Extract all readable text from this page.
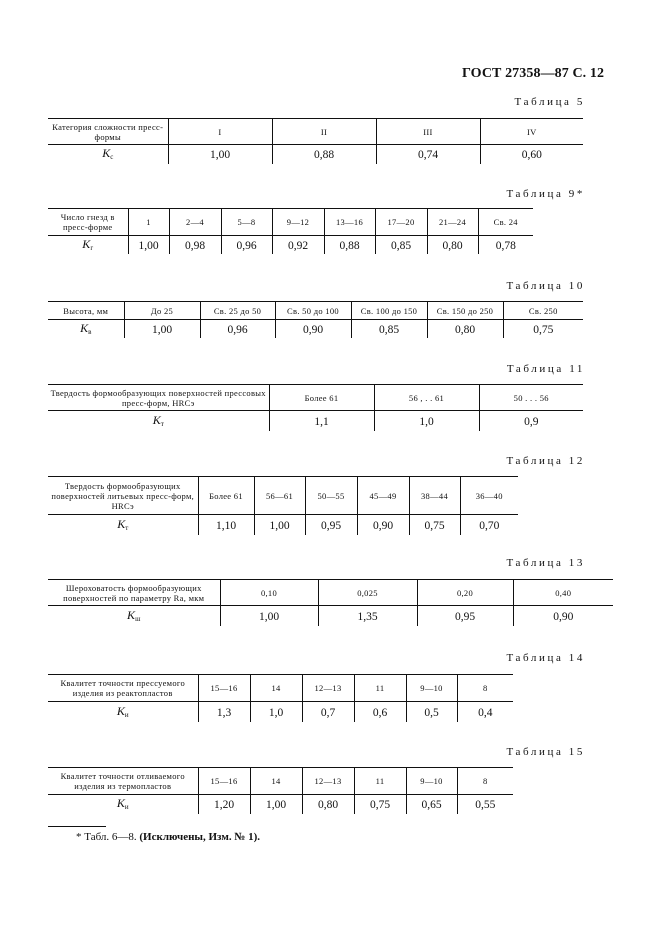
ГОСТ 27358—87 С. 12
Таблица 5
Категория сложности пресс-формы	I	II	III	IV
$K_c$	1,00	0,88	0,74	0,60
Таблица 9*
Число гнезд в пресс-форме	1	2—4	5—8	9—12	13—16	17—20	21—24	Св. 24
$K_г$	1,00	0,98	0,96	0,92	0,88	0,85	0,80	0,78
Таблица 10
Высота, мм	До 25	Св. 25 до 50	Св. 50 до 100	Св. 100 до 150	Св. 150 до 250	Св. 250
$K_в$	1,00	0,96	0,90	0,85	0,80	0,75
Таблица 11
Твердость формообразующих поверхностей прессовых пресс-форм, HRCэ	Более 61	56 , . . 61	50 . . . 56
$K_т$	1,1	1,0	0,9
Таблица 12
Твердость формообразующих поверхностей литьевых пресс-форм, HRCэ	Более 61	56—61	50—55	45—49	38—44	36—40
$K_т$	1,10	1,00	0,95	0,90	0,75	0,70
Таблица 13
Шероховатость формообразующих поверхностей по параметру Ra, мкм	0,10	0,025	0,20	0,40
$K_ш$	1,00	1,35	0,95	0,90
Таблица 14
Квалитет точности прессуемого изделия из реактопластов	15—16	14	12—13	11	9—10	8
$K_и$	1,3	1,0	0,7	0,6	0,5	0,4
Таблица 15
Квалитет точности отливаемого изделия из термопластов	15—16	14	12—13	11	9—10	8
$K_и$	1,20	1,00	0,80	0,75	0,65	0,55
* Табл. 6—8. (Исключены, Изм. № 1).
